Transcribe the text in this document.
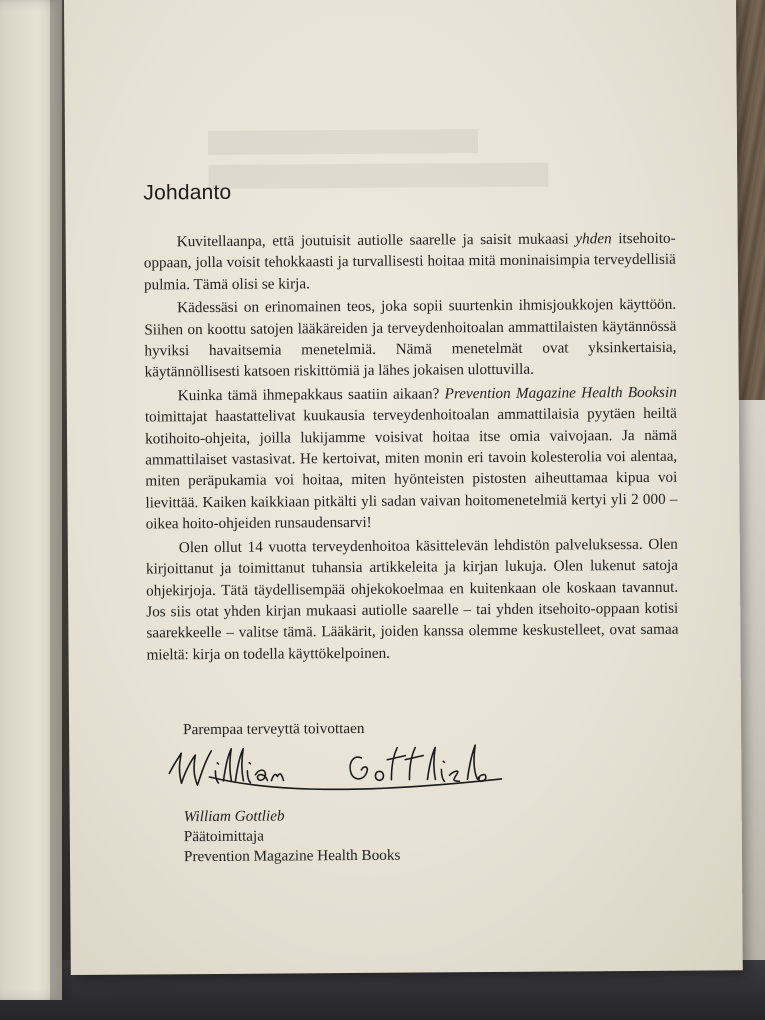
Johdanto

Kuvitellaanpa, että joutuisit autiolle saarelle ja saisit mukaasi yhden itsehoito-oppaan, jolla voisit tehokkaasti ja turvallisesti hoitaa mitä moninaisimpia terveydellisiä pulmia. Tämä olisi se kirja.

Kädessäsi on erinomainen teos, joka sopii suurtenkin ihmisjoukkojen käyttöön. Siihen on koottu satojen lääkäreiden ja terveydenhoitoalan ammattilaisten käytännössä hyviksi havaitsemia menetelmiä. Nämä menetelmät ovat yksinkertaisia, käytännöllisesti katsoen riskittömiä ja lähes jokaisen ulottuvilla.

Kuinka tämä ihmepakkaus saatiin aikaan? Prevention Magazine Health Booksin toimittajat haastattelivat kuukausia terveydenhoitoalan ammattilaisia pyytäen heiltä kotihoito-ohjeita, joilla lukijamme voisivat hoitaa itse omia vaivojaan. Ja nämä ammattilaiset vastasivat. He kertoivat, miten monin eri tavoin kolesterolia voi alentaa, miten peräpukamia voi hoitaa, miten hyönteisten pistosten aiheuttamaa kipua voi lievittää. Kaiken kaikkiaan pitkälti yli sadan vaivan hoitomenetelmiä kertyi yli 2 000 – oikea hoito-ohjeiden runsaudensarvi!

Olen ollut 14 vuotta terveydenhoitoa käsittelevän lehdistön palveluksessa. Olen kirjoittanut ja toimittanut tuhansia artikkeleita ja kirjan lukuja. Olen lukenut satoja ohjekirjoja. Tätä täydellisempää ohjekokoelmaa en kuitenkaan ole koskaan tavannut. Jos siis otat yhden kirjan mukaasi autiolle saarelle – tai yhden itsehoito-oppaan kotisi saarekkeelle – valitse tämä. Lääkärit, joiden kanssa olemme keskustelleet, ovat samaa mieltä: kirja on todella käyttökelpoinen.

Parempaa terveyttä toivottaen
William Gottlieb
Päätoimittaja
Prevention Magazine Health Books
